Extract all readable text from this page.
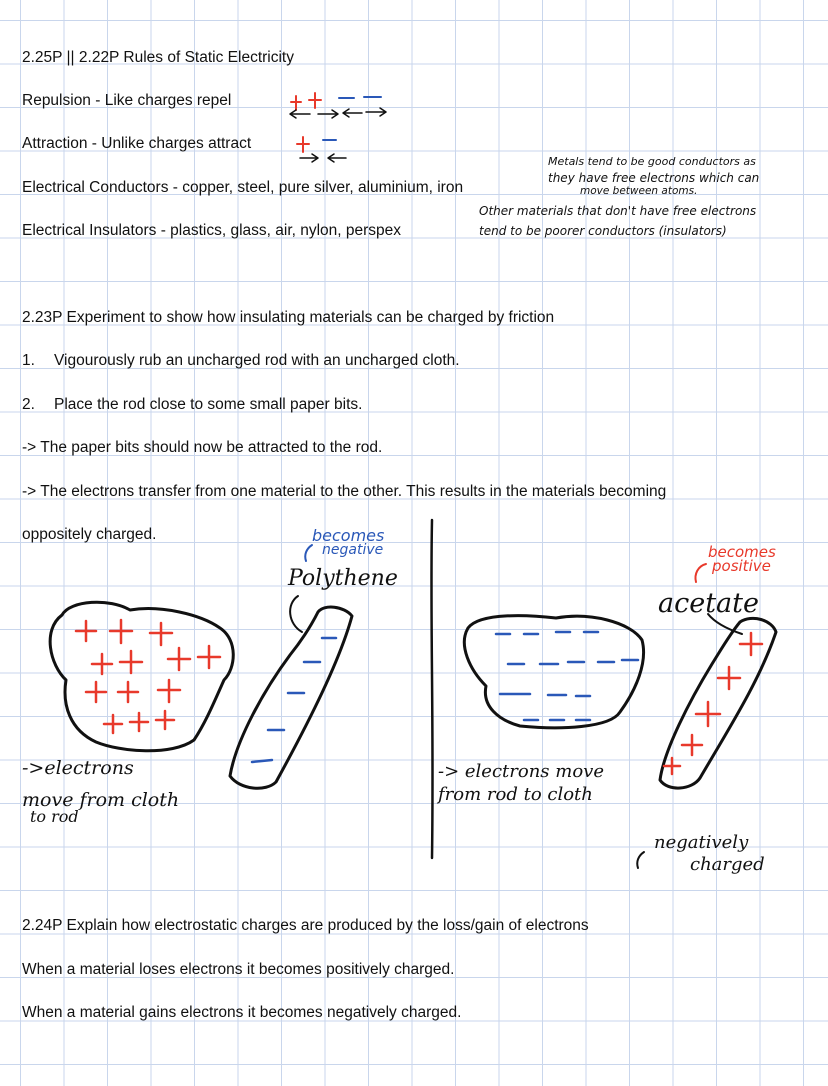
2.25P || 2.22P Rules of Static Electricity
Repulsion - Like charges repel
Attraction - Unlike charges attract
Electrical Conductors - copper, steel, pure silver, aluminium, iron
Electrical Insulators - plastics, glass, air, nylon, perspex
2.23P Experiment to show how insulating materials can be charged by friction
1. Vigourously rub an uncharged rod with an uncharged cloth.
2. Place the rod close to some small paper bits.
-> The paper bits should now be attracted to the rod.
-> The electrons transfer from one material to the other. This results in the materials becoming
oppositely charged.
2.24P Explain how electrostatic charges are produced by the loss/gain of electrons
When a material loses electrons it becomes positively charged.
When a material gains electrons it becomes negatively charged.
Metals tend to be good conductors as
they have free electrons which can
move between atoms.
Other materials that don't have free electrons
tend to be poorer conductors (insulators)
becomes
negative
Polythene
->electrons
move from cloth
to rod
becomes
positive
acetate
-> electrons move
from rod to cloth
negatively
charged
